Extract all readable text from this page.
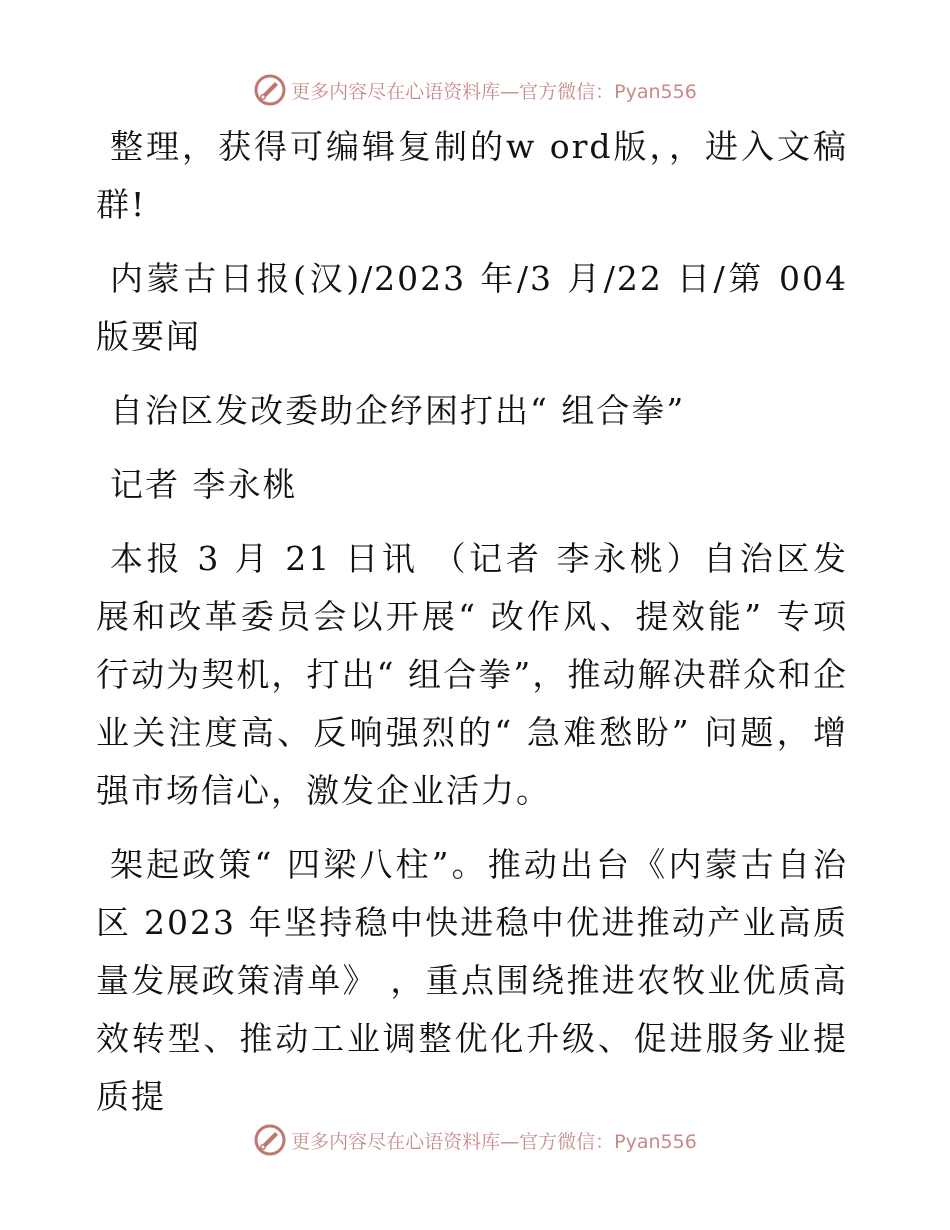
更多内容尽在心语资料库—官方微信：Pyan556

整理，获得可编辑复制的w ord版，，进入文稿群!

内蒙古日报(汉)/2023 年/3 月/22 日/第 004 版要闻

自治区发改委助企纾困打出“ 组合拳”

记者 李永桃

本报 3 月 21 日讯 （记者 李永桃）自治区发展和改革委员会以开展“ 改作风、提效能” 专项行动为契机，打出“ 组合拳”，推动解决群众和企业关注度高、反响强烈的“ 急难愁盼” 问题，增强市场信心，激发企业活力。

架起政策“ 四梁八柱”。推动出台《内蒙古自治区 2023 年坚持稳中快进稳中优进推动产业高质量发展政策清单》 ，重点围绕推进农牧业优质高效转型、推动工业调整优化升级、促进服务业提质提

更多内容尽在心语资料库—官方微信：Pyan556
